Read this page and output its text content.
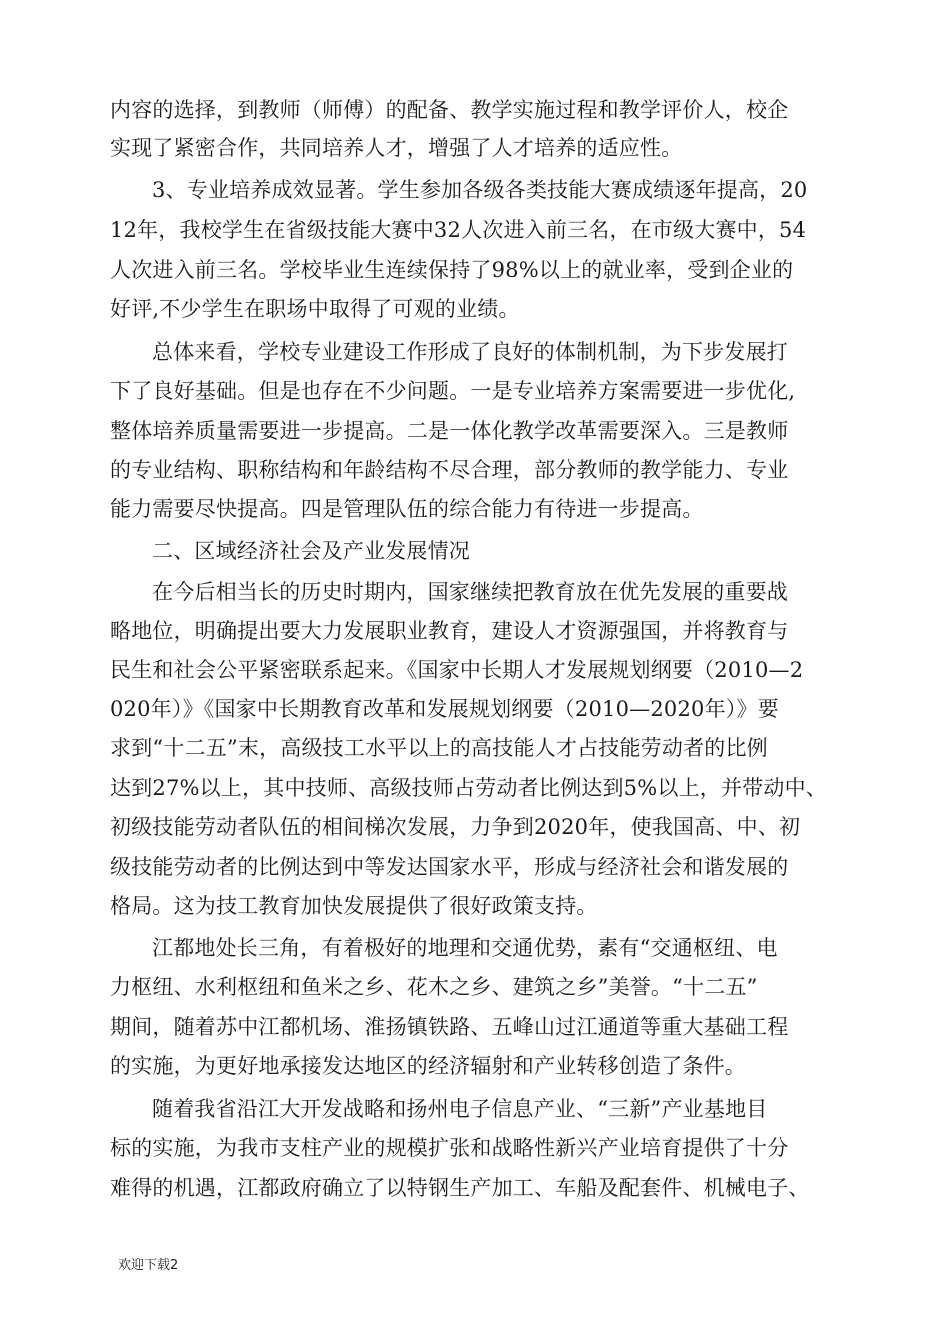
内容的选择，到教师（师傅）的配备、教学实施过程和教学评价人，校企
实现了紧密合作，共同培养人才，增强了人才培养的适应性。
3、专业培养成效显著。学生参加各级各类技能大赛成绩逐年提高，20
12年，我校学生在省级技能大赛中32人次进入前三名，在市级大赛中，54
人次进入前三名。学校毕业生连续保持了98%以上的就业率，受到企业的
好评,不少学生在职场中取得了可观的业绩。
总体来看，学校专业建设工作形成了良好的体制机制，为下步发展打
下了良好基础。但是也存在不少问题。一是专业培养方案需要进一步优化,
整体培养质量需要进一步提高。二是一体化教学改革需要深入。三是教师
的专业结构、职称结构和年龄结构不尽合理，部分教师的教学能力、专业
能力需要尽快提高。四是管理队伍的综合能力有待进一步提高。
二、区域经济社会及产业发展情况
在今后相当长的历史时期内，国家继续把教育放在优先发展的重要战
略地位，明确提出要大力发展职业教育，建设人才资源强国，并将教育与
民生和社会公平紧密联系起来。《国家中长期人才发展规划纲要（2010—2
020年）》《国家中长期教育改革和发展规划纲要（2010—2020年）》要
求到“十二五”末，高级技工水平以上的高技能人才占技能劳动者的比例
达到27%以上，其中技师、高级技师占劳动者比例达到5%以上，并带动中、
初级技能劳动者队伍的相间梯次发展，力争到2020年，使我国高、中、初
级技能劳动者的比例达到中等发达国家水平，形成与经济社会和谐发展的
格局。这为技工教育加快发展提供了很好政策支持。
江都地处长三角，有着极好的地理和交通优势，素有“交通枢纽、电
力枢纽、水利枢纽和鱼米之乡、花木之乡、建筑之乡”美誉。“十二五”
期间，随着苏中江都机场、淮扬镇铁路、五峰山过江通道等重大基础工程
的实施，为更好地承接发达地区的经济辐射和产业转移创造了条件。
随着我省沿江大开发战略和扬州电子信息产业、“三新”产业基地目
标的实施，为我市支柱产业的规模扩张和战略性新兴产业培育提供了十分
难得的机遇，江都政府确立了以特钢生产加工、车船及配套件、机械电子、
欢迎下载2
